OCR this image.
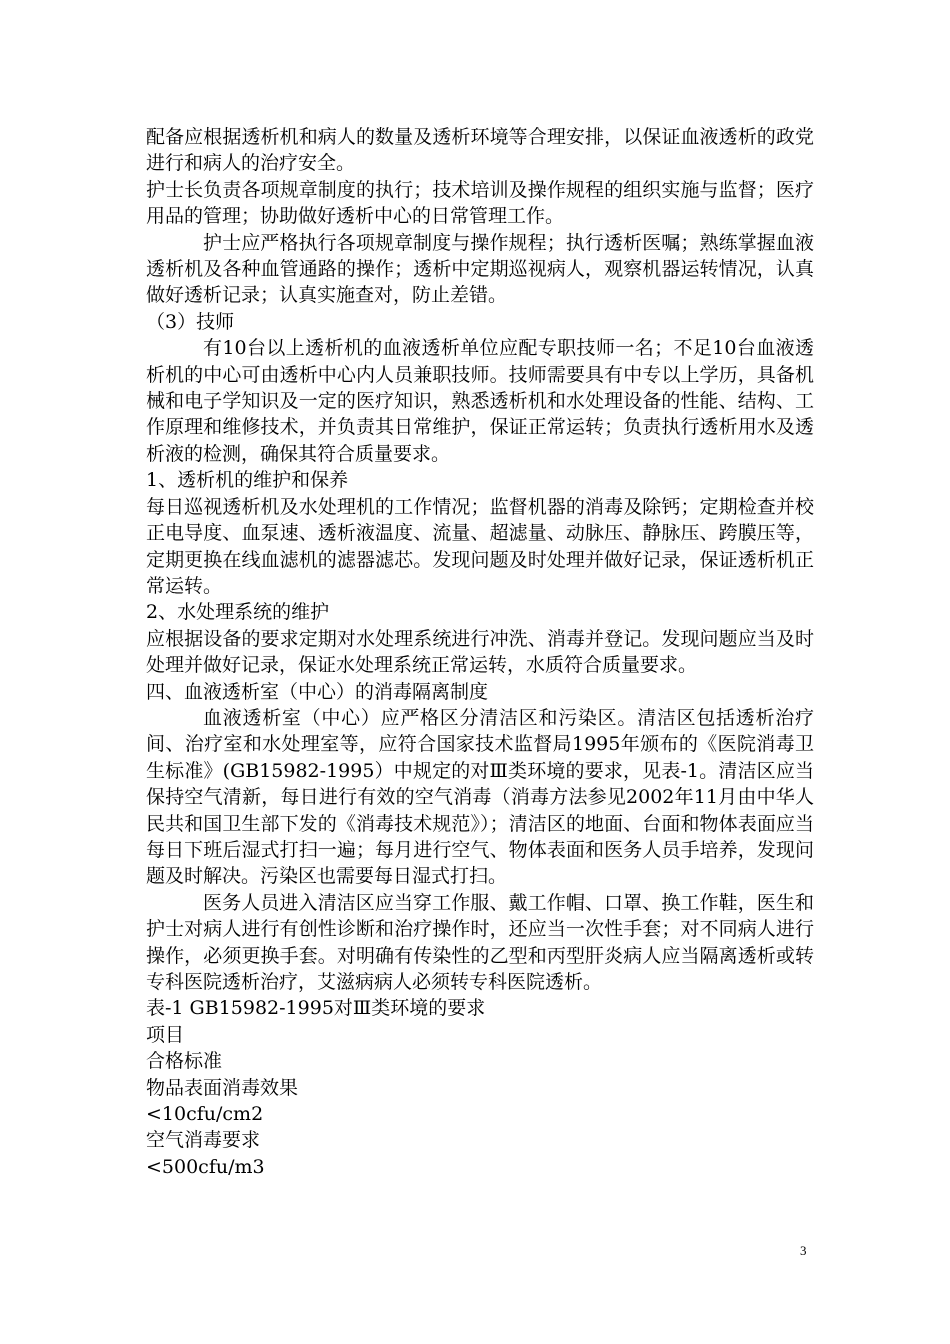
配备应根据透析机和病人的数量及透析环境等合理安排，以保证血液透析的政党进行和病人的治疗安全。

护士长负责各项规章制度的执行；技术培训及操作规程的组织实施与监督；医疗用品的管理；协助做好透析中心的日常管理工作。

护士应严格执行各项规章制度与操作规程；执行透析医嘱；熟练掌握血液透析机及各种血管通路的操作；透析中定期巡视病人，观察机器运转情况，认真做好透析记录；认真实施查对，防止差错。

（3）技师

有10台以上透析机的血液透析单位应配专职技师一名；不足10台血液透析机的中心可由透析中心内人员兼职技师。技师需要具有中专以上学历，具备机械和电子学知识及一定的医疗知识，熟悉透析机和水处理设备的性能、结构、工作原理和维修技术，并负责其日常维护，保证正常运转；负责执行透析用水及透析液的检测，确保其符合质量要求。

1、透析机的维护和保养

每日巡视透析机及水处理机的工作情况；监督机器的消毒及除钙；定期检查并校正电导度、血泵速、透析液温度、流量、超滤量、动脉压、静脉压、跨膜压等，定期更换在线血滤机的滤器滤芯。发现问题及时处理并做好记录，保证透析机正常运转。

2、水处理系统的维护

应根据设备的要求定期对水处理系统进行冲洗、消毒并登记。发现问题应当及时处理并做好记录，保证水处理系统正常运转，水质符合质量要求。

四、血液透析室（中心）的消毒隔离制度

血液透析室（中心）应严格区分清洁区和污染区。清洁区包括透析治疗间、治疗室和水处理室等，应符合国家技术监督局1995年颁布的《医院消毒卫生标准》(GB15982-1995）中规定的对Ⅲ类环境的要求，见表-1。清洁区应当保持空气清新，每日进行有效的空气消毒（消毒方法参见2002年11月由中华人民共和国卫生部下发的《消毒技术规范》）；清洁区的地面、台面和物体表面应当每日下班后湿式打扫一遍；每月进行空气、物体表面和医务人员手培养，发现问题及时解决。污染区也需要每日湿式打扫。

医务人员进入清洁区应当穿工作服、戴工作帽、口罩、换工作鞋，医生和护士对病人进行有创性诊断和治疗操作时，还应当一次性手套；对不同病人进行操作，必须更换手套。对明确有传染性的乙型和丙型肝炎病人应当隔离透析或转专科医院透析治疗，艾滋病病人必须转专科医院透析。

表-1 GB15982-1995对Ⅲ类环境的要求

项目

合格标准

物品表面消毒效果

<10cfu/cm2

空气消毒要求

<500cfu/m3

3
